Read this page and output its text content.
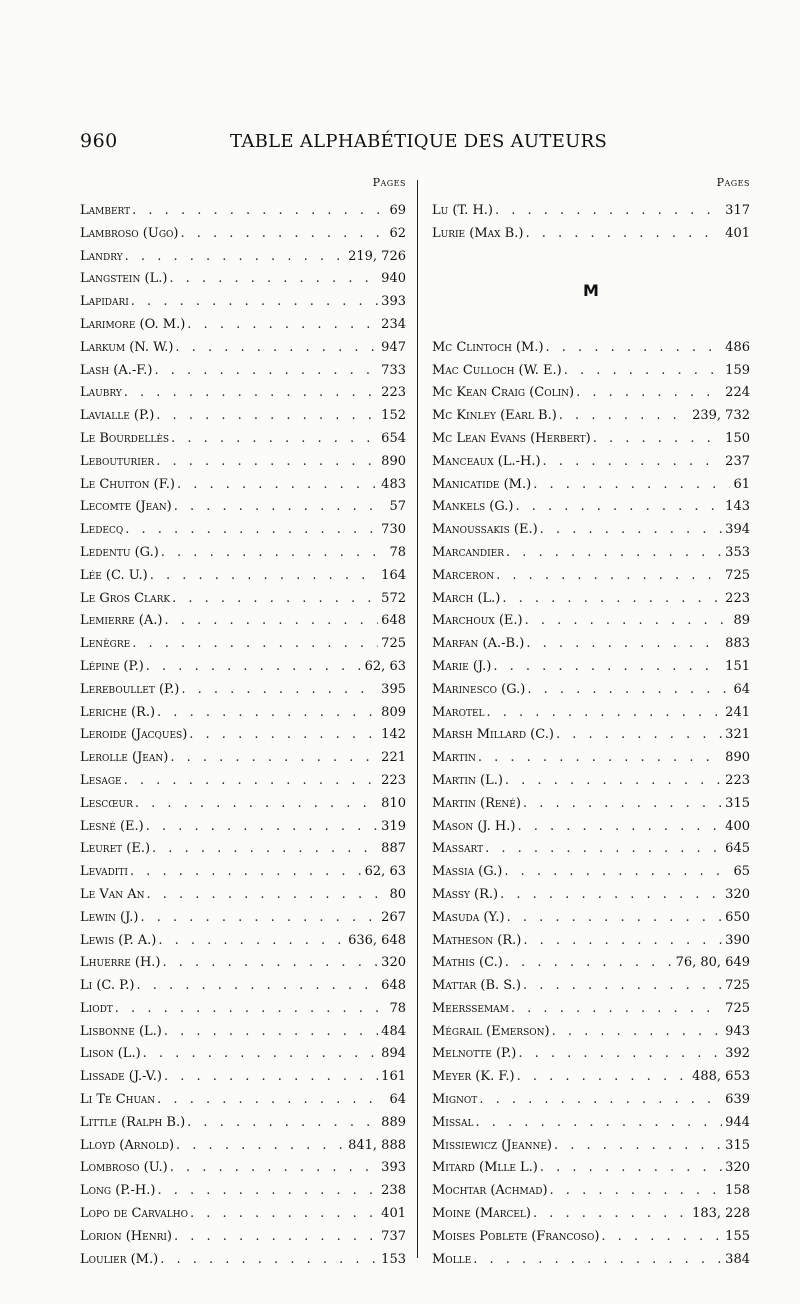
960	TABLE ALPHABÉTIQUE DES AUTEURS
Pages	Pages
Lambert . . .	69
Lambroso (Ugo) . . .	62
Landry . . .	219, 726
Langstein (L.) . . .	940
Lapidari . . .	393
Larimore (O. M.) . . .	234
Larkum (N. W.) . . .	947
Lash (A.-F.) . . .	733
Laubry . . .	223
Lavialle (P.) . . .	152
Le Bourdellès . . .	654
Lebouturier . . .	890
Le Chuiton (F.) . . .	483
Lecomte (Jean) . . .	57
Ledecq . . .	730
Ledentu (G.) . . .	78
Lée (C. U.) . . .	164
Le Gros Clark . . .	572
Lemierre (A.) . . .	648
Lenègre . . .	725
Lépine (P.) . . .	62, 63
Lereboullet (P.) . . .	395
Leriche (R.) . . .	809
Leroide (Jacques) . . .	142
Lerolle (Jean) . . .	221
Lesage . . .	223
Lescœur . . .	810
Lesné (E.) . . .	319
Leuret (E.) . . .	887
Levaditi . . .	62, 63
Le Van An . . .	80
Lewin (J.) . . .	267
Lewis (P. A.) . . .	636, 648
Lhuerre (H.) . . .	320
Li (C. P.) . . .	648
Liodt . . .	78
Lisbonne (L.) . . .	484
Lison (L.) . . .	894
Lissade (J.-V.) . . .	161
Li Te Chuan . . .	64
Little (Ralph B.) . . .	889
Lloyd (Arnold) . . .	841, 888
Lombroso (U.) . . .	393
Long (P.-H.) . . .	238
Lopo de Carvalho . . .	401
Lorion (Henri) . . .	737
Loulier (M.) . . .	153
Lu (T. H.) . . .	317
Lurie (Max B.) . . .	401
M
Mc Clintoch (M.) . . .	486
Mac Culloch (W. E.) . . .	159
Mc Kean Craig (Colin) . . .	224
Mc Kinley (Earl B.) . . .	239, 732
Mc Lean Evans (Herbert) . . .	150
Manceaux (L.-H.) . . .	237
Manicatide (M.) . . .	61
Mankels (G.) . . .	143
Manoussakis (E.) . . .	394
Marcandier . . .	353
Marceron . . .	725
March (L.) . . .	223
Marchoux (E.) . . .	89
Marfan (A.-B.) . . .	883
Marie (J.) . . .	151
Marinesco (G.) . . .	64
Marotel . . .	241
Marsh Millard (C.) . . .	321
Martin . . .	890
Martin (L.) . . .	223
Martin (René) . . .	315
Mason (J. H.) . . .	400
Massart . . .	645
Massia (G.) . . .	65
Massy (R.) . . .	320
Masuda (Y.) . . .	650
Matheson (R.) . . .	390
Mathis (C.) . . .	76, 80, 649
Mattar (B. S.) . . .	725
Meerssemam . . .	725
Mégrail (Emerson) . . .	943
Melnotte (P.) . . .	392
Meyer (K. F.) . . .	488, 653
Mignot . . .	639
Missal . . .	944
Missiewicz (Jeanne) . . .	315
Mitard (Mlle L.) . . .	320
Mochtar (Achmad) . . .	158
Moine (Marcel) . . .	183, 228
Moises Poblete (Francoso) . . .	155
Molle . . .	384
